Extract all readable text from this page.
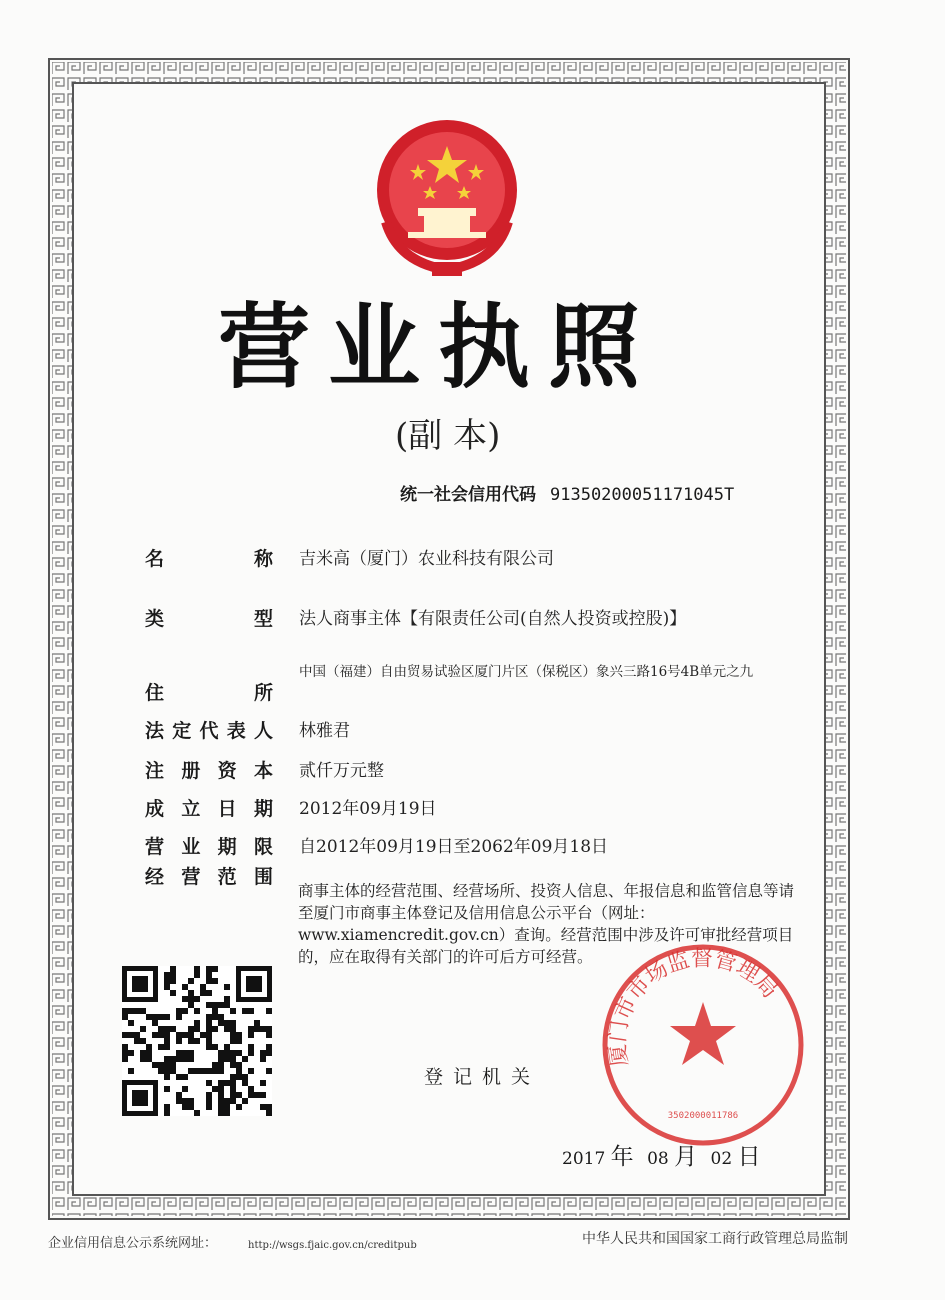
营业执照
(副 本)
统一社会信用代码 91350200051171045T
名	称 吉米高（厦门）农业科技有限公司
类	型 法人商事主体【有限责任公司(自然人投资或控股)】
住	所
中国（福建）自由贸易试验区厦门片区（保税区）象兴三路16号4B单元之九
法 定 代 表 人 林雅君
注 册 资 本 贰仟万元整
成 立 日 期 2012年09月19日
营 业 期 限 自2012年09月19日至2062年09月18日
经 营 范 围
商事主体的经营范围、经营场所、投资人信息、年报信息和监管信息等请至厦门市商事主体登记及信用信息公示平台（网址：www.xiamencredit.gov.cn）查询。经营范围中涉及许可审批经营项目的，应在取得有关部门的许可后方可经营。
登记机关
厦门市市场监督管理局
3502000011786
2017 年 08 月 02 日
企业信用信息公示系统网址：	http://wsgs.fjaic.gov.cn/creditpub	中华人民共和国国家工商行政管理总局监制
